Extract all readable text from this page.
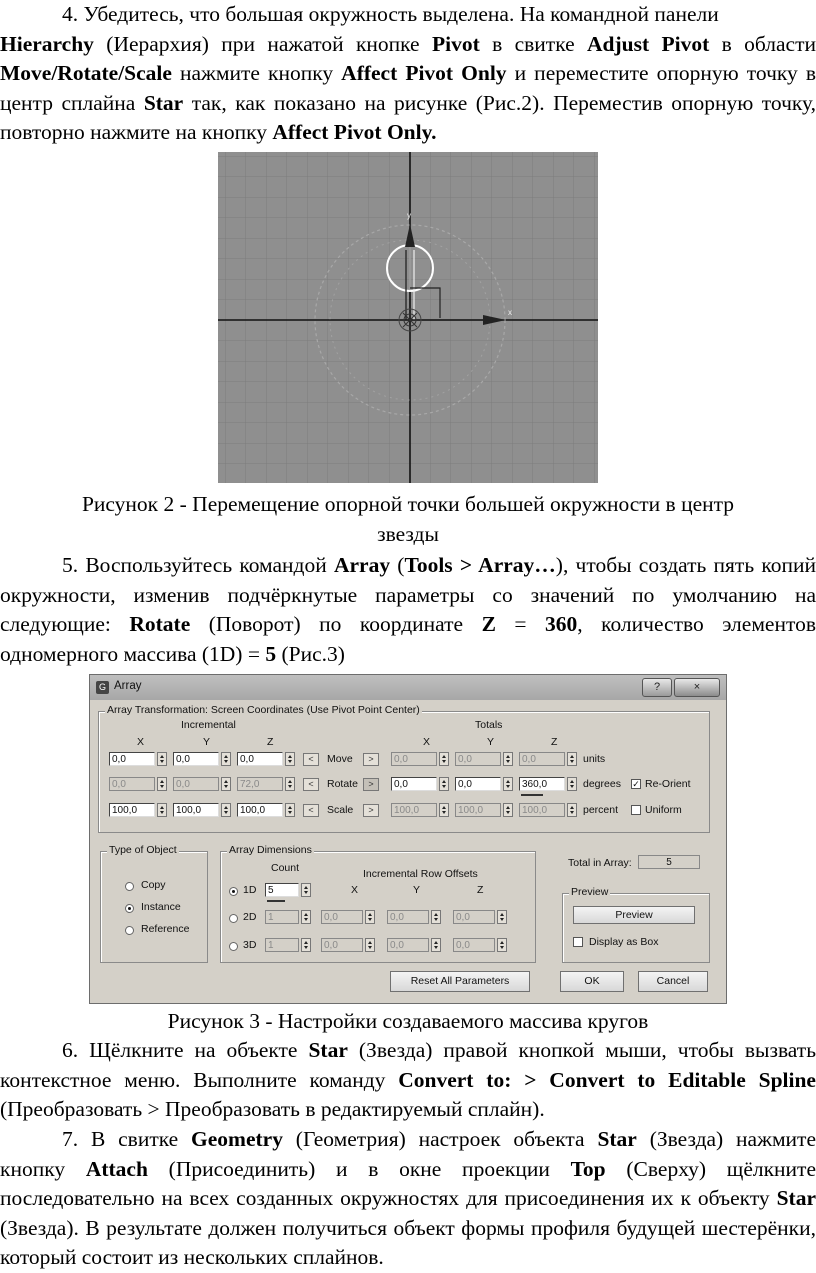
4. Убедитесь, что большая окружность выделена. На командной панели
Hierarchy (Иерархия) при нажатой кнопке Pivot в свитке Adjust Pivot в области Move/Rotate/Scale нажмите кнопку Affect Pivot Only и переместите опорную точку в центр сплайна Star так, как показано на рисунке (Рис.2). Переместив опорную точку, повторно нажмите на кнопку Affect Pivot Only.

y
x

Рисунок 2 - Перемещение опорной точки большей окружности в центр
звезды

5. Воспользуйтесь командой Array (Tools > Array…), чтобы создать пять копий окружности, изменив подчёркнутые параметры со значений по умолчанию на следующие: Rotate (Поворот) по координате Z = 360, количество элементов одномерного массива (1D) = 5 (Рис.3)

G Array	?	×
Array Transformation: Screen Coordinates (Use Pivot Point Center)
Incremental	Totals
X	Y	Z	X	Y	Z
0,0	0,0	0,0	<	Move	>	0,0	0,0	0,0	units
0,0	0,0	72,0	<	Rotate	>	0,0	0,0	360,0	degrees ✓ Re-Orient
100,0	100,0	100,0	<	Scale	>	100,0	100,0	100,0	percent	Uniform
Type of Object
Copy
Instance
Reference
Array Dimensions
Count	Incremental Row Offsets
X	Y	Z
1D	5
2D	1	0,0	0,0	0,0
3D	1	0,0	0,0	0,0
Total in Array:	5
Preview
Preview
Display as Box
Reset All Parameters	OK	Cancel

Рисунок 3 - Настройки создаваемого массива кругов

6. Щёлкните на объекте Star (Звезда) правой кнопкой мыши, чтобы вызвать контекстное меню. Выполните команду Convert to: > Convert to Editable Spline (Преобразовать > Преобразовать в редактируемый сплайн).

7. В свитке Geometry (Геометрия) настроек объекта Star (Звезда) нажмите кнопку Attach (Присоединить) и в окне проекции Top (Сверху) щёлкните последовательно на всех созданных окружностях для присоединения их к объекту Star (Звезда). В результате должен получиться объект формы профиля будущей шестерёнки, который состоит из нескольких сплайнов.
